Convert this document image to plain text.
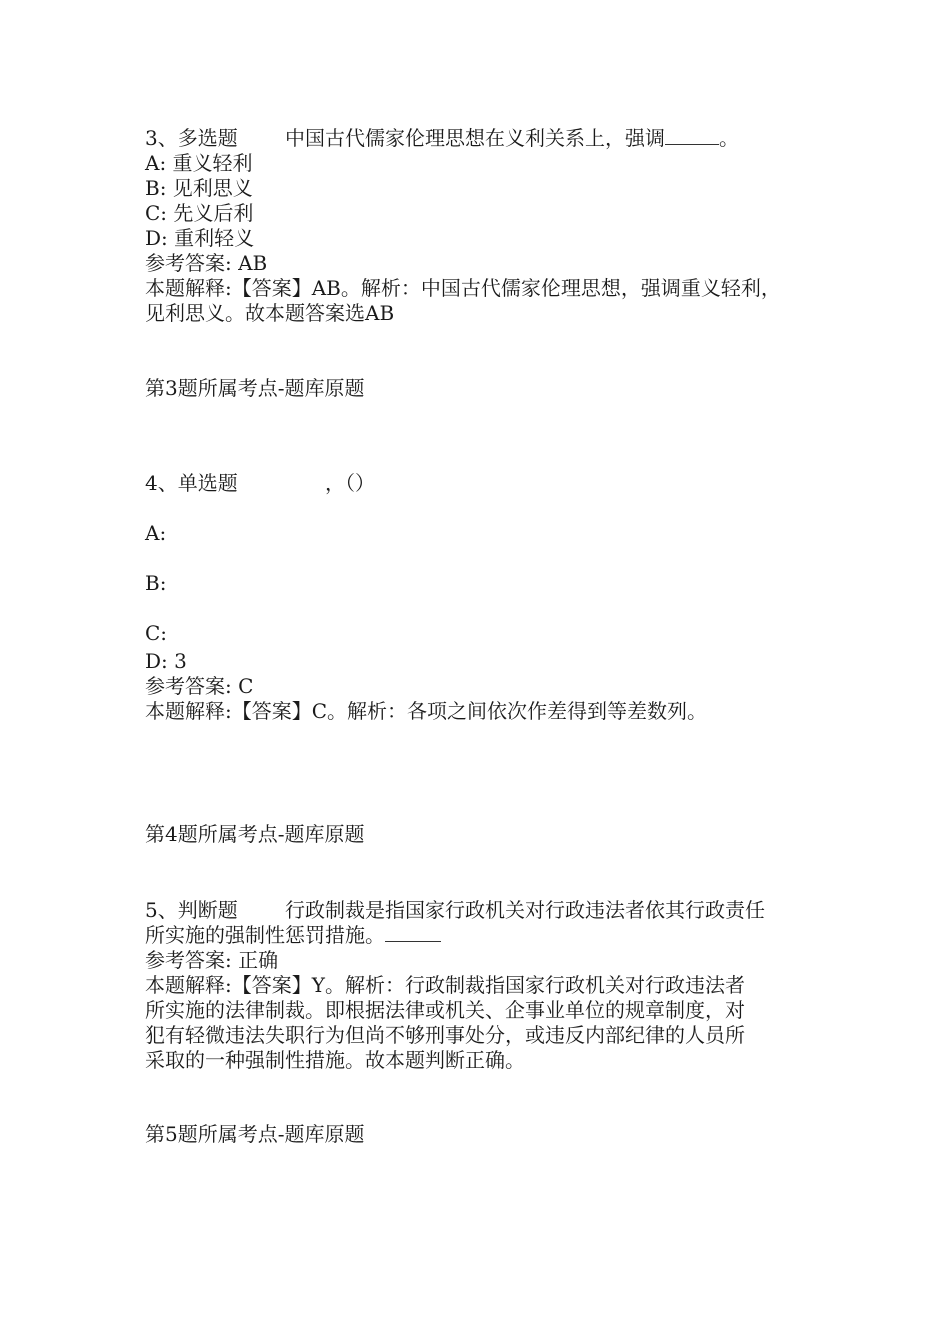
3、多选题 中国古代儒家伦理思想在义利关系上，强调	。
A: 重义轻利
B: 见利思义
C: 先义后利
D: 重利轻义
参考答案: AB
本题解释:【答案】AB。解析：中国古代儒家伦理思想，强调重义轻利，
见利思义。故本题答案选AB
第3题所属考点-题库原题
4、单选题	，（）
A:
B:
C:
D: 3
参考答案: C
本题解释:【答案】C。解析：各项之间依次作差得到等差数列。
第4题所属考点-题库原题
5、判断题 行政制裁是指国家行政机关对行政违法者依其行政责任
所实施的强制性惩罚措施。
参考答案: 正确
本题解释:【答案】Y。解析：行政制裁指国家行政机关对行政违法者
所实施的法律制裁。即根据法律或机关、企事业单位的规章制度，对
犯有轻微违法失职行为但尚不够刑事处分，或违反内部纪律的人员所
采取的一种强制性措施。故本题判断正确。
第5题所属考点-题库原题
